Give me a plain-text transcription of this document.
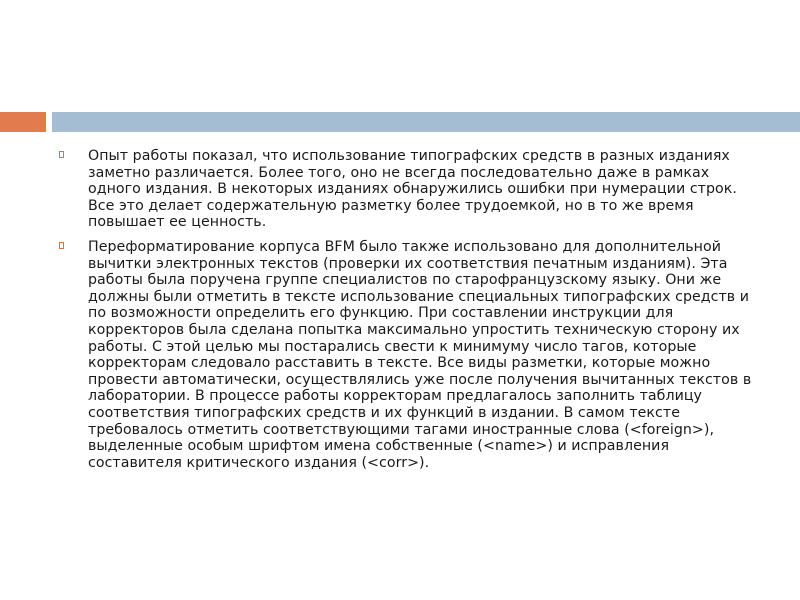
Опыт работы показал, что использование типографских средств в разных изданиях заметно различается. Более того, оно не всегда последовательно даже в рамках одного издания. В некоторых изданиях обнаружились ошибки при нумерации строк. Все это делает содержательную разметку более трудоемкой, но в то же время повышает ее ценность.
Переформатирование корпуса BFM было также использовано для дополнительной вычитки электронных текстов (проверки их соответствия печатным изданиям). Эта работы была поручена группе специалистов по старофранцузскому языку. Они же должны были отметить в тексте использование специальных типографских средств и по возможности определить его функцию. При составлении инструкции для корректоров была сделана попытка максимально упростить техническую сторону их работы. С этой целью мы постарались свести к минимуму число тагов, которые корректорам следовало расставить в тексте. Все виды разметки, которые можно провести автоматически, осуществлялись уже после получения вычитанных текстов в лаборатории. В процессе работы корректорам предлагалось заполнить таблицу соответствия типографских средств и их функций в издании. В самом тексте требовалось отметить соответствующими тагами иностранные слова (<foreign>), выделенные особым шрифтом имена собственные (<name>) и исправления составителя критического издания (<corr>).
